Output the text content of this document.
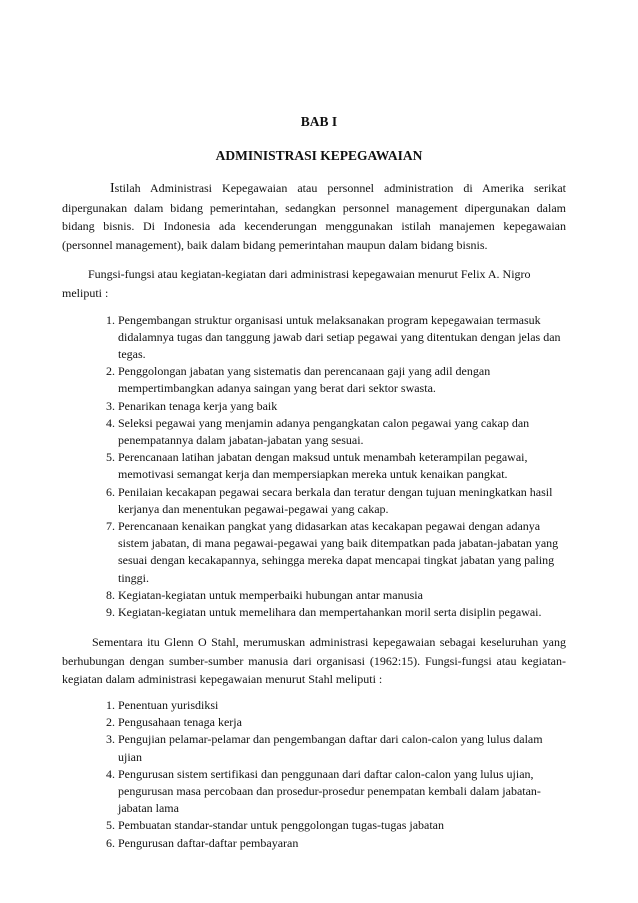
BAB I
ADMINISTRASI KEPEGAWAIAN

Istilah Administrasi Kepegawaian atau personnel administration di Amerika serikat dipergunakan dalam bidang pemerintahan, sedangkan personnel management dipergunakan dalam bidang bisnis. Di Indonesia ada kecenderungan menggunakan istilah manajemen kepegawaian (personnel management), baik dalam bidang pemerintahan maupun dalam bidang bisnis.

Fungsi-fungsi atau kegiatan-kegiatan dari administrasi kepegawaian menurut Felix A. Nigro meliputi :

1. Pengembangan struktur organisasi untuk melaksanakan program kepegawaian termasuk didalamnya tugas dan tanggung jawab dari setiap pegawai yang ditentukan dengan jelas dan tegas.
2. Penggolongan jabatan yang sistematis dan perencanaan gaji yang adil dengan mempertimbangkan adanya saingan yang berat dari sektor swasta.
3. Penarikan tenaga kerja yang baik
4. Seleksi pegawai yang menjamin adanya pengangkatan calon pegawai yang cakap dan penempatannya dalam jabatan-jabatan yang sesuai.
5. Perencanaan latihan jabatan dengan maksud untuk menambah keterampilan pegawai, memotivasi semangat kerja dan mempersiapkan mereka untuk kenaikan pangkat.
6. Penilaian kecakapan pegawai secara berkala dan teratur dengan tujuan meningkatkan hasil kerjanya dan menentukan pegawai-pegawai yang cakap.
7. Perencanaan kenaikan pangkat yang didasarkan atas kecakapan pegawai dengan adanya sistem jabatan, di mana pegawai-pegawai yang baik ditempatkan pada jabatan-jabatan yang sesuai dengan kecakapannya, sehingga mereka dapat mencapai tingkat jabatan yang paling tinggi.
8. Kegiatan-kegiatan untuk memperbaiki hubungan antar manusia
9. Kegiatan-kegiatan untuk memelihara dan mempertahankan moril serta disiplin pegawai.

Sementara itu Glenn O Stahl, merumuskan administrasi kepegawaian sebagai keseluruhan yang berhubungan dengan sumber-sumber manusia dari organisasi (1962:15). Fungsi-fungsi atau kegiatan-kegiatan dalam administrasi kepegawaian menurut Stahl meliputi :

1. Penentuan yurisdiksi
2. Pengusahaan tenaga kerja
3. Pengujian pelamar-pelamar dan pengembangan daftar dari calon-calon yang lulus dalam ujian
4. Pengurusan sistem sertifikasi dan penggunaan dari daftar calon-calon yang lulus ujian, pengurusan masa percobaan dan prosedur-prosedur penempatan kembali dalam jabatan-jabatan lama
5. Pembuatan standar-standar untuk penggolongan tugas-tugas jabatan
6. Pengurusan daftar-daftar pembayaran
